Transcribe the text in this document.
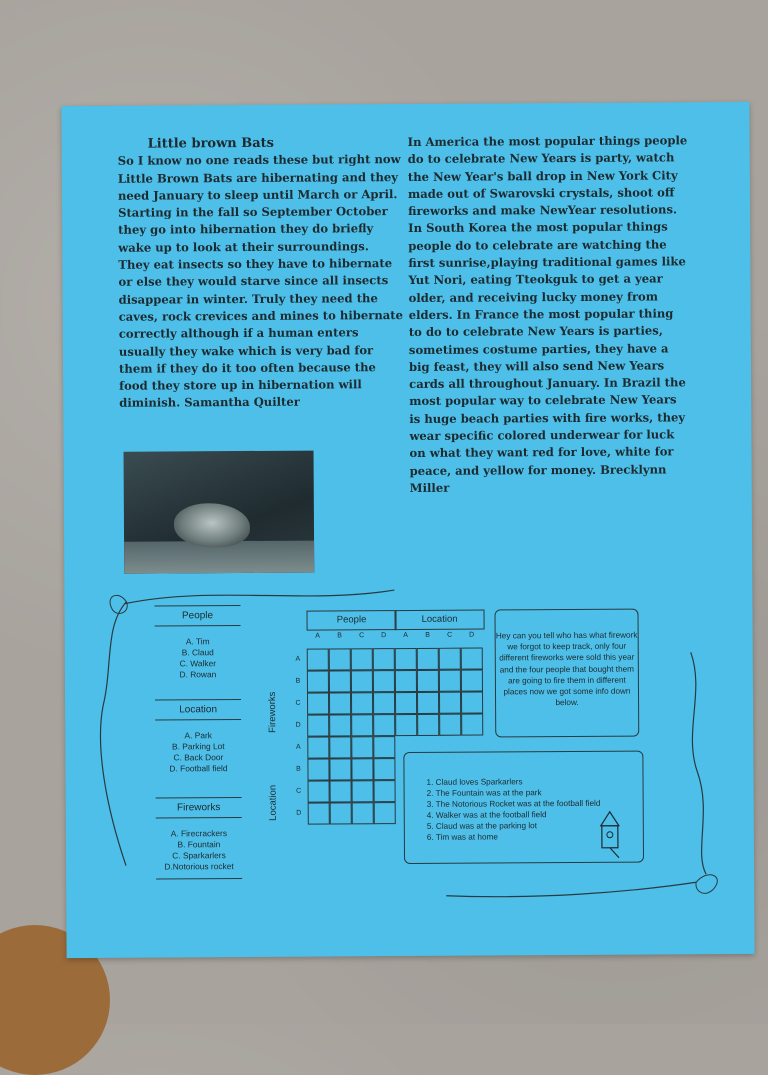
Little brown Bats
So I know no one reads these but right now Little Brown Bats are hibernating and they need January to sleep until March or April. Starting in the fall so September October they go into hibernation they do briefly wake up to look at their surroundings. They eat insects so they have to hibernate or else they would starve since all insects disappear in winter. Truly they need the caves, rock crevices and mines to hibernate correctly although if a human enters usually they wake which is very bad for them if they do it too often because the food they store up in hibernation will diminish. Samantha Quilter
In America the most popular things people do to celebrate New Years is party, watch the New Year's ball drop in New York City made out of Swarovski crystals, shoot off fireworks and make NewYear resolutions. In South Korea the most popular things people do to celebrate are watching the first sunrise,playing traditional games like Yut Nori, eating Tteokguk to get a year older, and receiving lucky money from elders. In France the most popular thing to do to celebrate New Years is parties, sometimes costume parties, they have a big feast, they will also send New Years cards all throughout January. In Brazil the most popular way to celebrate New Years is huge beach parties with fire works, they wear specific colored underwear for luck on what they want red for love, white for peace, and yellow for money. Brecklynn Miller
People
A. Tim
B. Claud
C. Walker
D. Rowan
Location
A. Park
B. Parking Lot
C. Back Door
D. Football field
Fireworks
A. Firecrackers
B. Fountain
C. Sparkarlers
D.Notorious rocket
People	Location
A	B	C	D	A	B	C	D
Fireworks
Location
A
B
C
D
A
B
C
D
Hey can you tell who has what firework we forgot to keep track, only four different fireworks were sold this year and the four people that bought them are going to fire them in different places now we got some info down below.
1. Claud loves Sparkarlers
2. The Fountain was at the park
3. The Notorious Rocket was at the football field
4. Walker was at the football field
5. Claud was at the parking lot
6. Tim was at home
